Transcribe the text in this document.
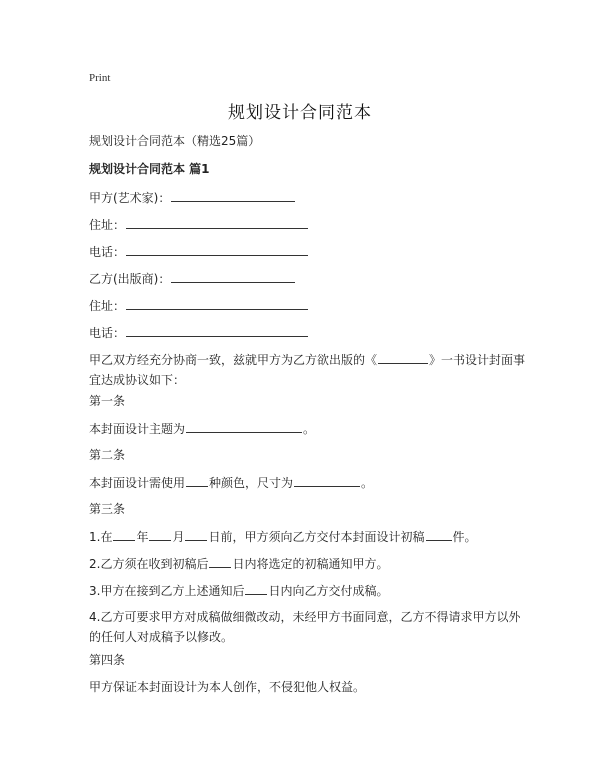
Print
规划设计合同范本
规划设计合同范本（精选25篇）
规划设计合同范本 篇1
甲方(艺术家)：
住址：
电话：
乙方(出版商)：
住址：
电话：
甲乙双方经充分协商一致，兹就甲方为乙方欲出版的《	》一书设计封面事宜达成协议如下：
第一条
本封面设计主题为	。
第二条
本封面设计需使用 种颜色，尺寸为	。
第三条
1.在 年 月 日前，甲方须向乙方交付本封面设计初稿 件。
2.乙方须在收到初稿后 日内将选定的初稿通知甲方。
3.甲方在接到乙方上述通知后 日内向乙方交付成稿。
4.乙方可要求甲方对成稿做细微改动，未经甲方书面同意，乙方不得请求甲方以外的任何人对成稿予以修改。
第四条
甲方保证本封面设计为本人创作，不侵犯他人权益。
